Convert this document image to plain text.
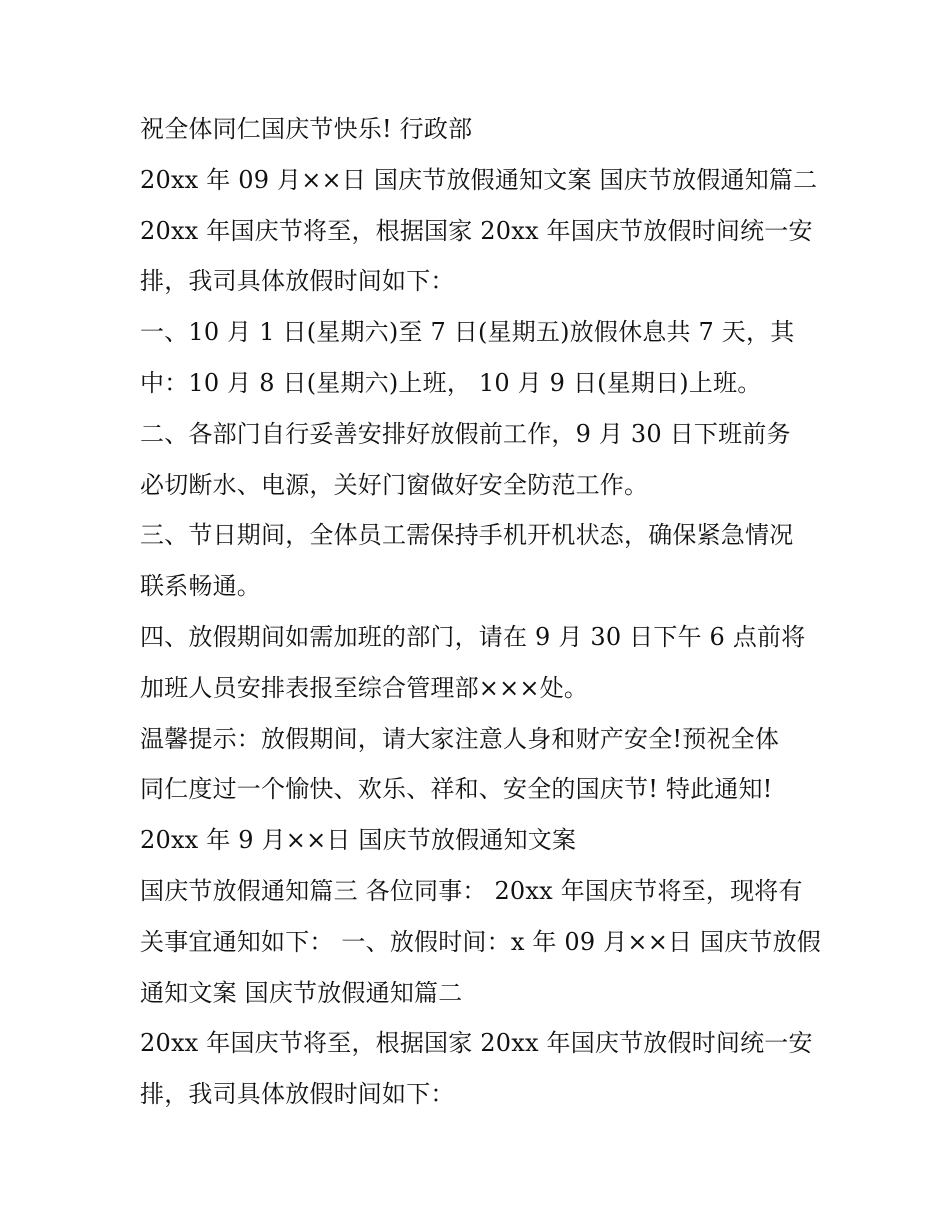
祝全体同仁国庆节快乐! 行政部
20xx 年 09 月××日 国庆节放假通知文案 国庆节放假通知篇二
20xx 年国庆节将至，根据国家 20xx 年国庆节放假时间统一安
排，我司具体放假时间如下：
一、10 月 1 日(星期六)至 7 日(星期五)放假休息共 7 天，其
中：10 月 8 日(星期六)上班， 10 月 9 日(星期日)上班。
二、各部门自行妥善安排好放假前工作，9 月 30 日下班前务
必切断水、电源，关好门窗做好安全防范工作。
三、节日期间，全体员工需保持手机开机状态，确保紧急情况
联系畅通。
四、放假期间如需加班的部门，请在 9 月 30 日下午 6 点前将
加班人员安排表报至综合管理部×××处。
温馨提示：放假期间，请大家注意人身和财产安全!预祝全体
同仁度过一个愉快、欢乐、祥和、安全的国庆节! 特此通知!
20xx 年 9 月××日 国庆节放假通知文案
国庆节放假通知篇三 各位同事： 20xx 年国庆节将至，现将有
关事宜通知如下： 一、放假时间：x 年 09 月××日 国庆节放假
通知文案 国庆节放假通知篇二
20xx 年国庆节将至，根据国家 20xx 年国庆节放假时间统一安
排，我司具体放假时间如下：
